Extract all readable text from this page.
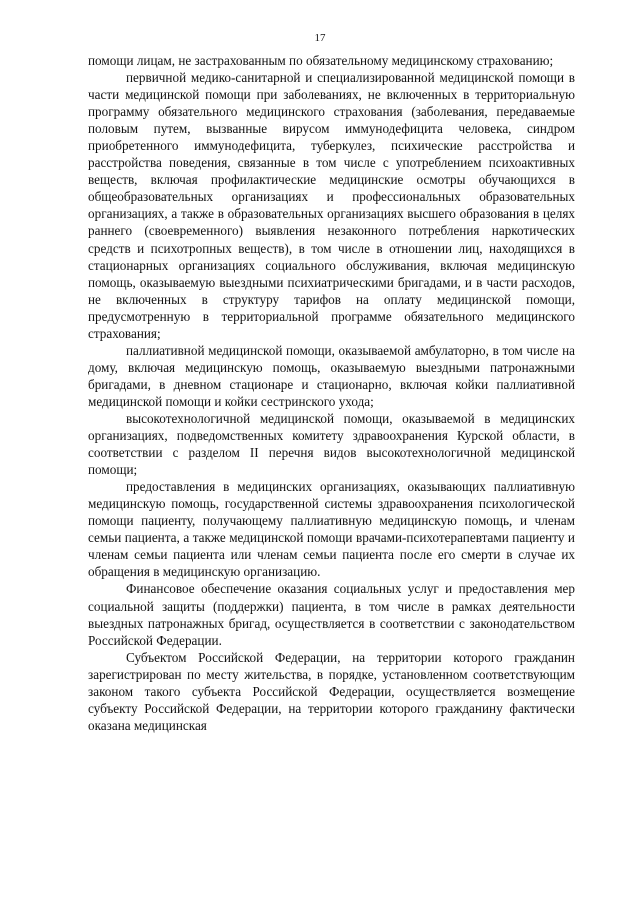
17

помощи лицам, не застрахованным по обязательному медицинскому страхованию;

первичной медико-санитарной и специализированной медицинской помощи в части медицинской помощи при заболеваниях, не включенных в территориальную программу обязательного медицинского страхования (заболевания, передаваемые половым путем, вызванные вирусом иммунодефицита человека, синдром приобретенного иммунодефицита, туберкулез, психические расстройства и расстройства поведения, связанные в том числе с употреблением психоактивных веществ, включая профилактические медицинские осмотры обучающихся в общеобразовательных организациях и профессиональных образовательных организациях, а также в образовательных организациях высшего образования в целях раннего (своевременного) выявления незаконного потребления наркотических средств и психотропных веществ), в том числе в отношении лиц, находящихся в стационарных организациях социального обслуживания, включая медицинскую помощь, оказываемую выездными психиатрическими бригадами, и в части расходов, не включенных в структуру тарифов на оплату медицинской помощи, предусмотренную в территориальной программе обязательного медицинского страхования;

паллиативной медицинской помощи, оказываемой амбулаторно, в том числе на дому, включая медицинскую помощь, оказываемую выездными патронажными бригадами, в дневном стационаре и стационарно, включая койки паллиативной медицинской помощи и койки сестринского ухода;

высокотехнологичной медицинской помощи, оказываемой в медицинских организациях, подведомственных комитету здравоохранения Курской области, в соответствии с разделом II перечня видов высокотехнологичной медицинской помощи;

предоставления в медицинских организациях, оказывающих паллиативную медицинскую помощь, государственной системы здравоохранения психологической помощи пациенту, получающему паллиативную медицинскую помощь, и членам семьи пациента, а также медицинской помощи врачами-психотерапевтами пациенту и членам семьи пациента или членам семьи пациента после его смерти в случае их обращения в медицинскую организацию.

Финансовое обеспечение оказания социальных услуг и предоставления мер социальной защиты (поддержки) пациента, в том числе в рамках деятельности выездных патронажных бригад, осуществляется в соответствии с законодательством Российской Федерации.

Субъектом Российской Федерации, на территории которого гражданин зарегистрирован по месту жительства, в порядке, установленном соответствующим законом такого субъекта Российской Федерации, осуществляется возмещение субъекту Российской Федерации, на территории которого гражданину фактически оказана медицинская
